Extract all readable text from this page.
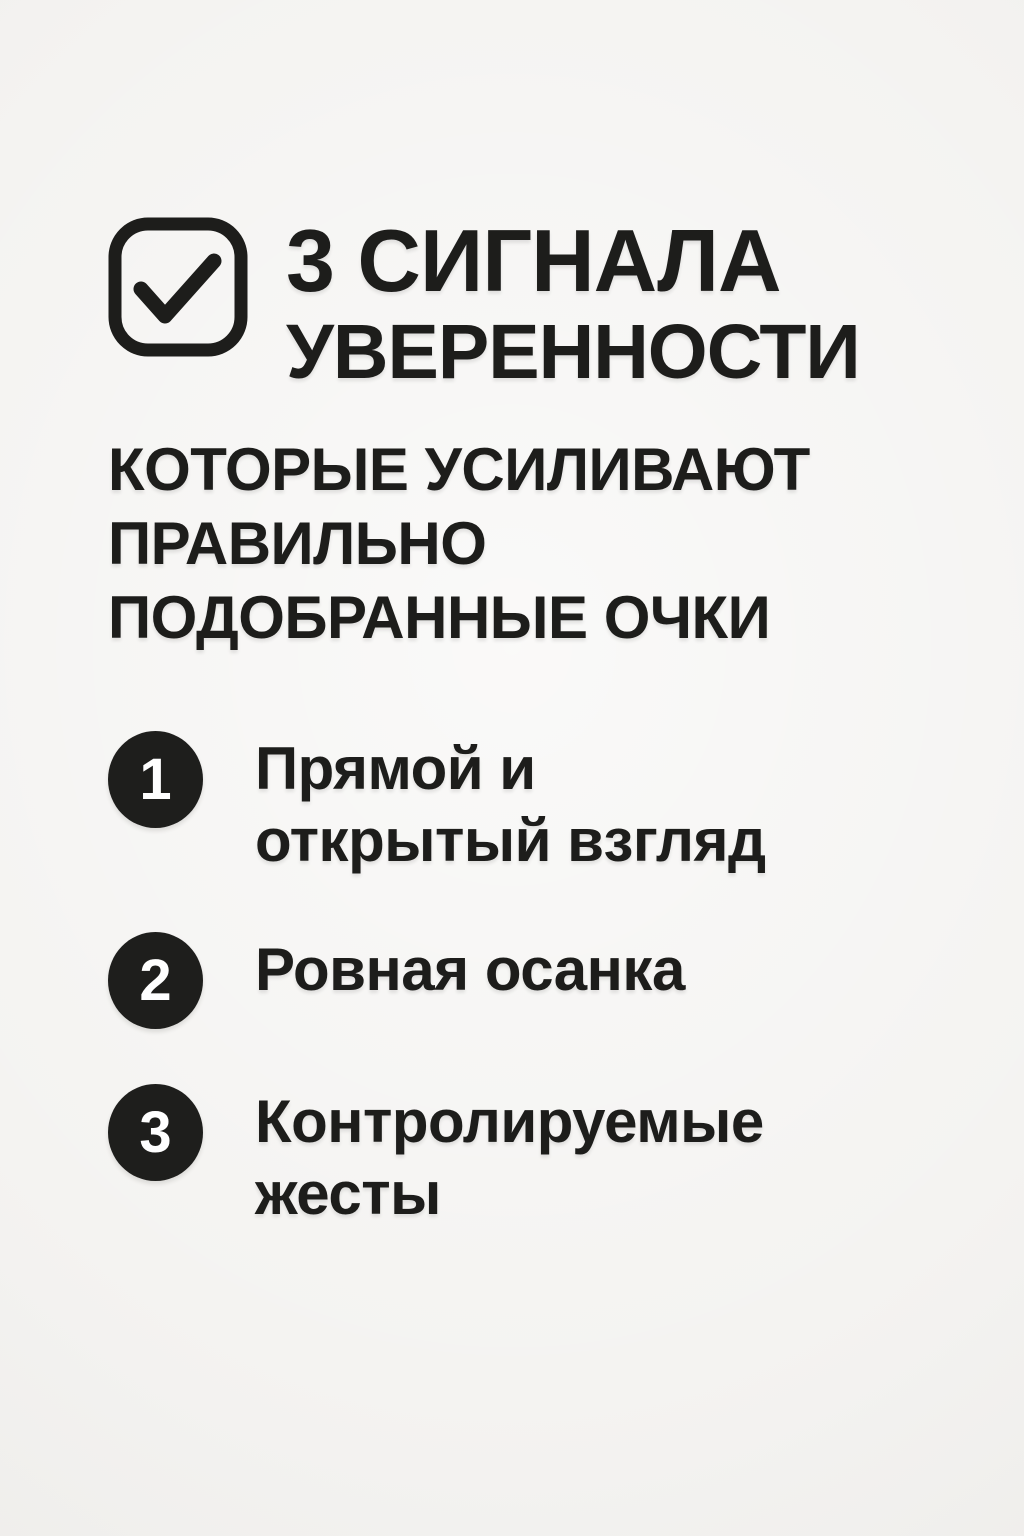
3 СИГНАЛА
УВЕРЕННОСТИ
КОТОРЫЕ УСИЛИВАЮТ
ПРАВИЛЬНО
ПОДОБРАННЫЕ ОЧКИ
1	Прямой и
открытый взгляд
2	Ровная осанка
3	Контролируемые
жесты
